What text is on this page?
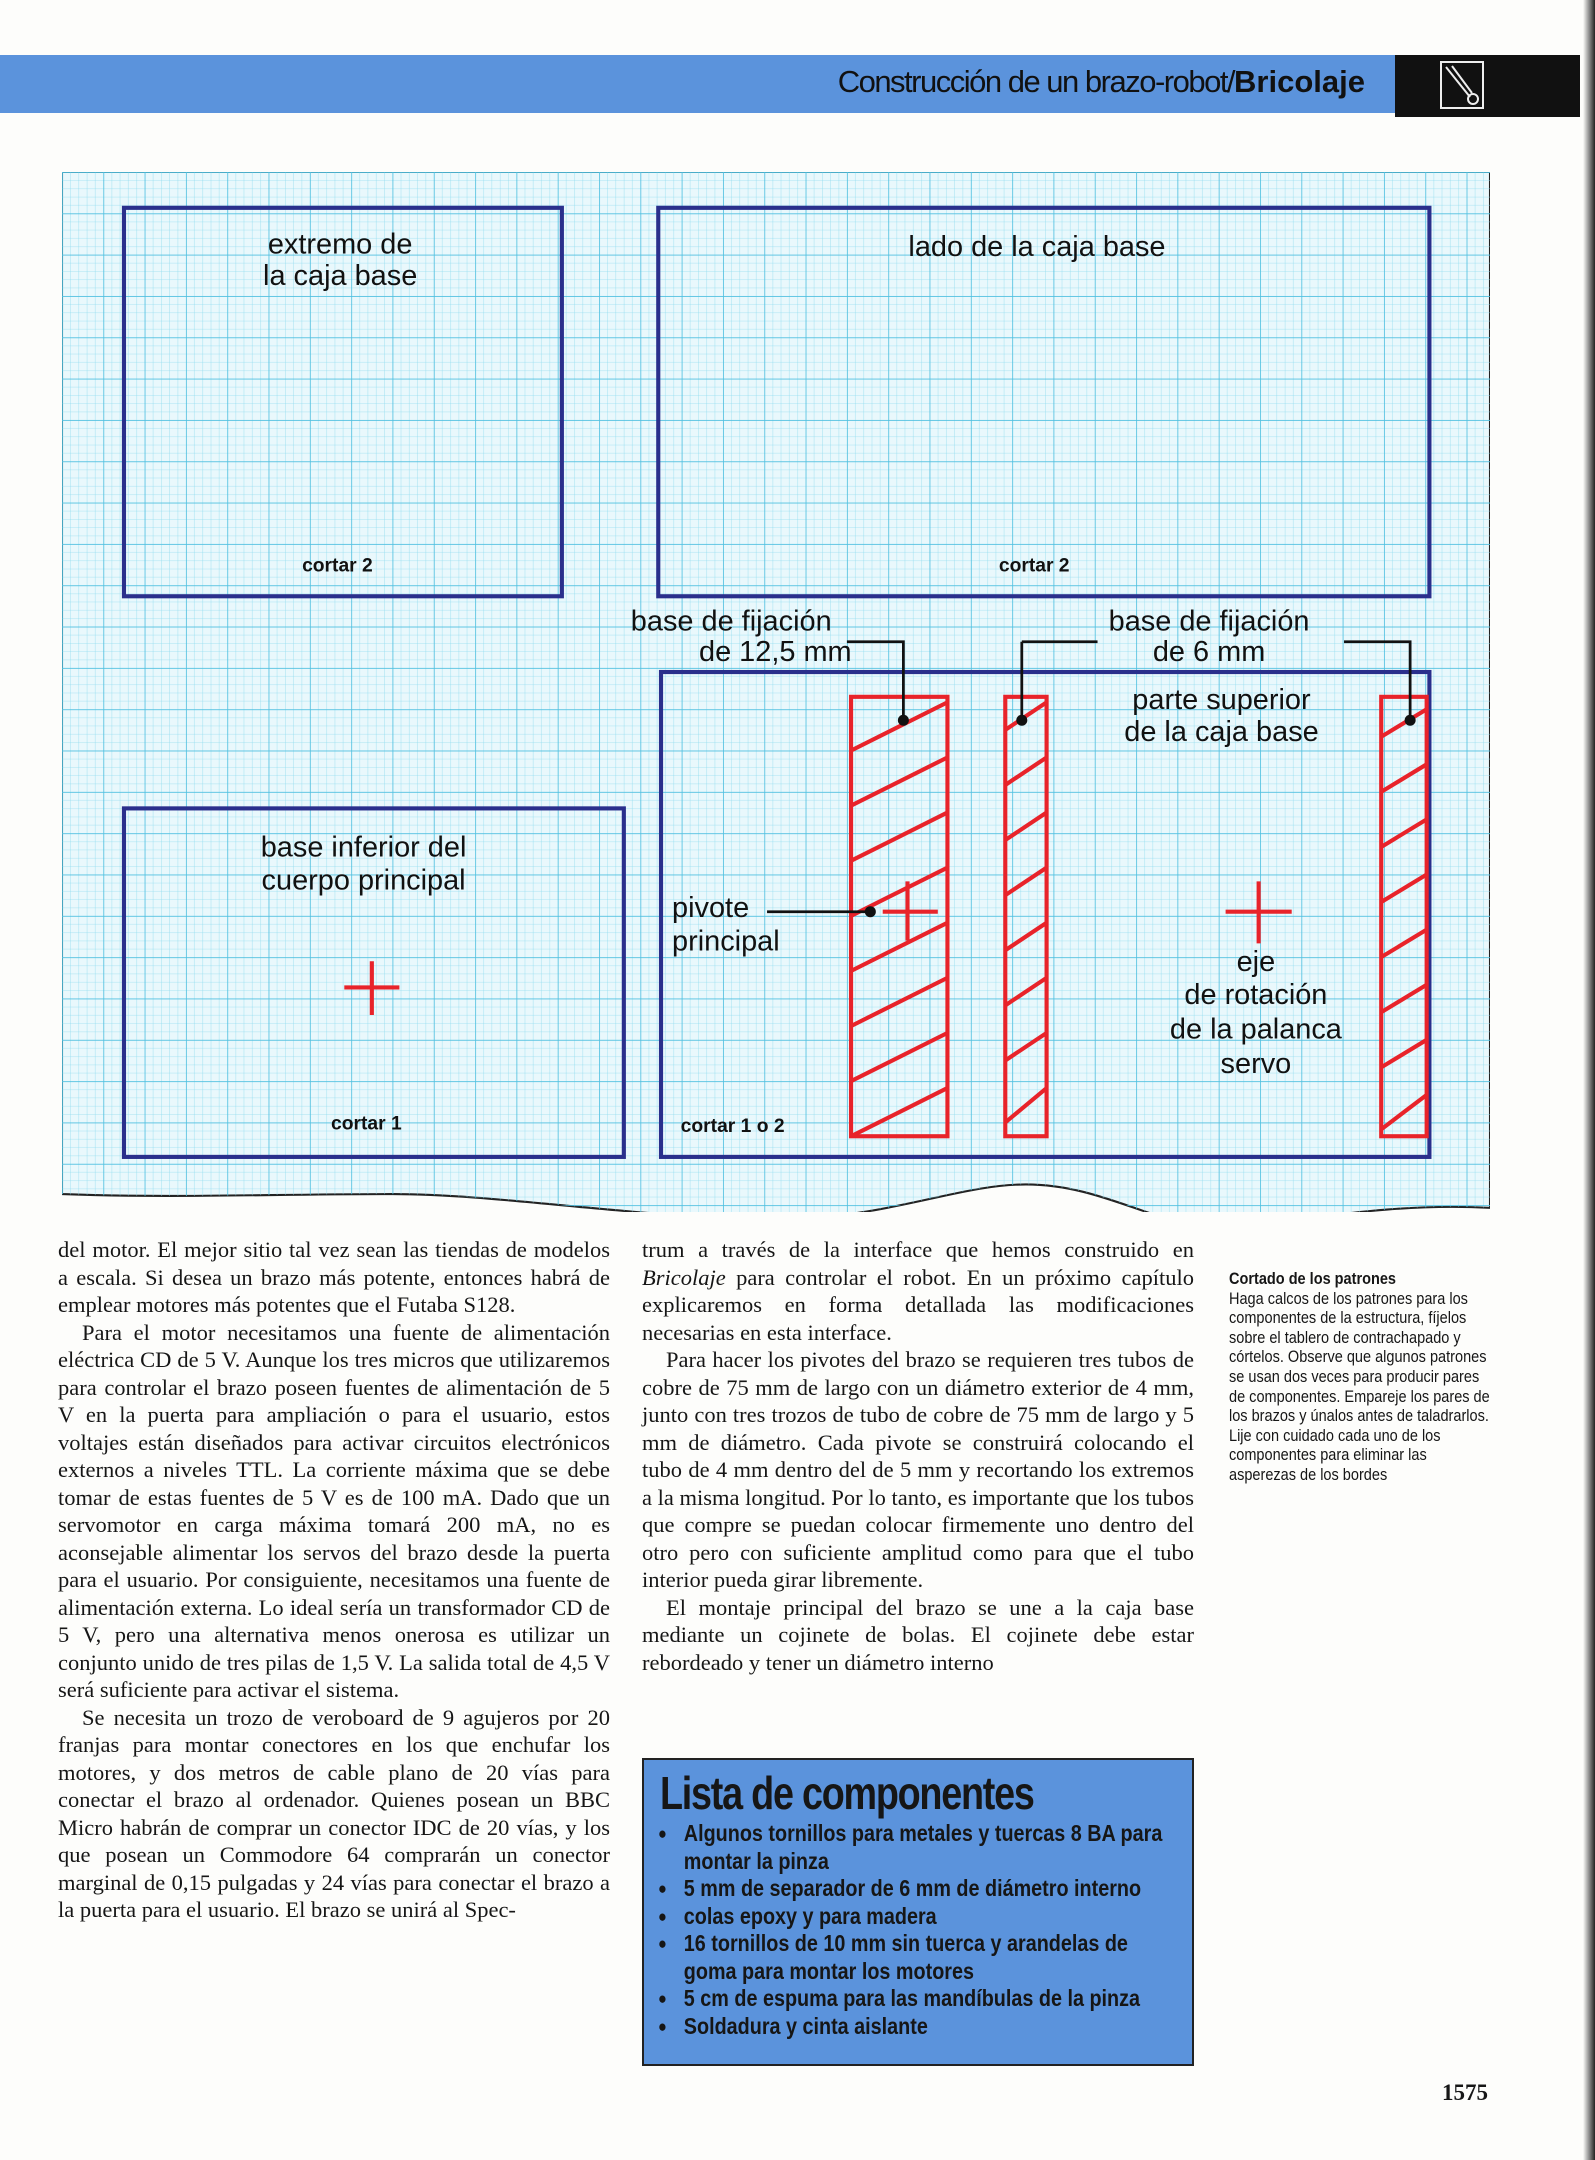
Construcción de un brazo-robot/Bricolaje
extremo de
la caja base
lado de la caja base
base inferior del
cuerpo principal
parte superior
de la caja base
base de fijación
de 12,5 mm
base de fijación
de 6 mm
eje
de rotación
de la palanca
servo
pivote
principal
cortar 2	cortar 2
cortar 1	cortar 1 o 2

del motor. El mejor sitio tal vez sean las tiendas de modelos a escala. Si desea un brazo más potente, entonces habrá de emplear motores más potentes que el Futaba S128.

Para el motor necesitamos una fuente de alimentación eléctrica CD de 5 V. Aunque los tres micros que utilizaremos para controlar el brazo poseen fuentes de alimentación de 5 V en la puerta para ampliación o para el usuario, estos voltajes están diseñados para activar circuitos electrónicos externos a niveles TTL. La corriente máxima que se debe tomar de estas fuentes de 5 V es de 100 mA. Dado que un servomotor en carga máxima tomará 200 mA, no es aconsejable alimentar los servos del brazo desde la puerta para el usuario. Por consiguiente, necesitamos una fuente de alimentación externa. Lo ideal sería un transformador CD de 5 V, pero una alternativa menos onerosa es utilizar un conjunto unido de tres pilas de 1,5 V. La salida total de 4,5 V será suficiente para activar el sistema.

Se necesita un trozo de veroboard de 9 agujeros por 20 franjas para montar conectores en los que enchufar los motores, y dos metros de cable plano de 20 vías para conectar el brazo al ordenador. Quienes posean un BBC Micro habrán de comprar un conector IDC de 20 vías, y los que posean un Commodore 64 comprarán un conector marginal de 0,15 pulgadas y 24 vías para conectar el brazo a la puerta para el usuario. El brazo se unirá al Spec-

trum a través de la interface que hemos construido en Bricolaje para controlar el robot. En un próximo capítulo explicaremos en forma detallada las modificaciones necesarias en esta interface.

Para hacer los pivotes del brazo se requieren tres tubos de cobre de 75 mm de largo con un diámetro exterior de 4 mm, junto con tres trozos de tubo de cobre de 75 mm de largo y 5 mm de diámetro. Cada pivote se construirá colocando el tubo de 4 mm dentro del de 5 mm y recortando los extremos a la misma longitud. Por lo tanto, es importante que los tubos que compre se puedan colocar firmemente uno dentro del otro pero con suficiente amplitud como para que el tubo interior pueda girar libremente.

El montaje principal del brazo se une a la caja base mediante un cojinete de bolas. El cojinete debe estar rebordeado y tener un diámetro interno

Cortado de los patrones
Haga calcos de los patrones para los componentes de la estructura, fíjelos sobre el tablero de contrachapado y córtelos. Observe que algunos patrones se usan dos veces para producir pares de componentes. Empareje los pares de los brazos y únalos antes de taladrarlos. Lije con cuidado cada uno de los componentes para eliminar las asperezas de los bordes
Lista de componentes
● Algunos tornillos para metales y tuercas 8 BA para montar la pinza
● 5 mm de separador de 6 mm de diámetro interno
● colas epoxy y para madera
● 16 tornillos de 10 mm sin tuerca y arandelas de goma para montar los motores
● 5 cm de espuma para las mandíbulas de la pinza
● Soldadura y cinta aislante
1575
